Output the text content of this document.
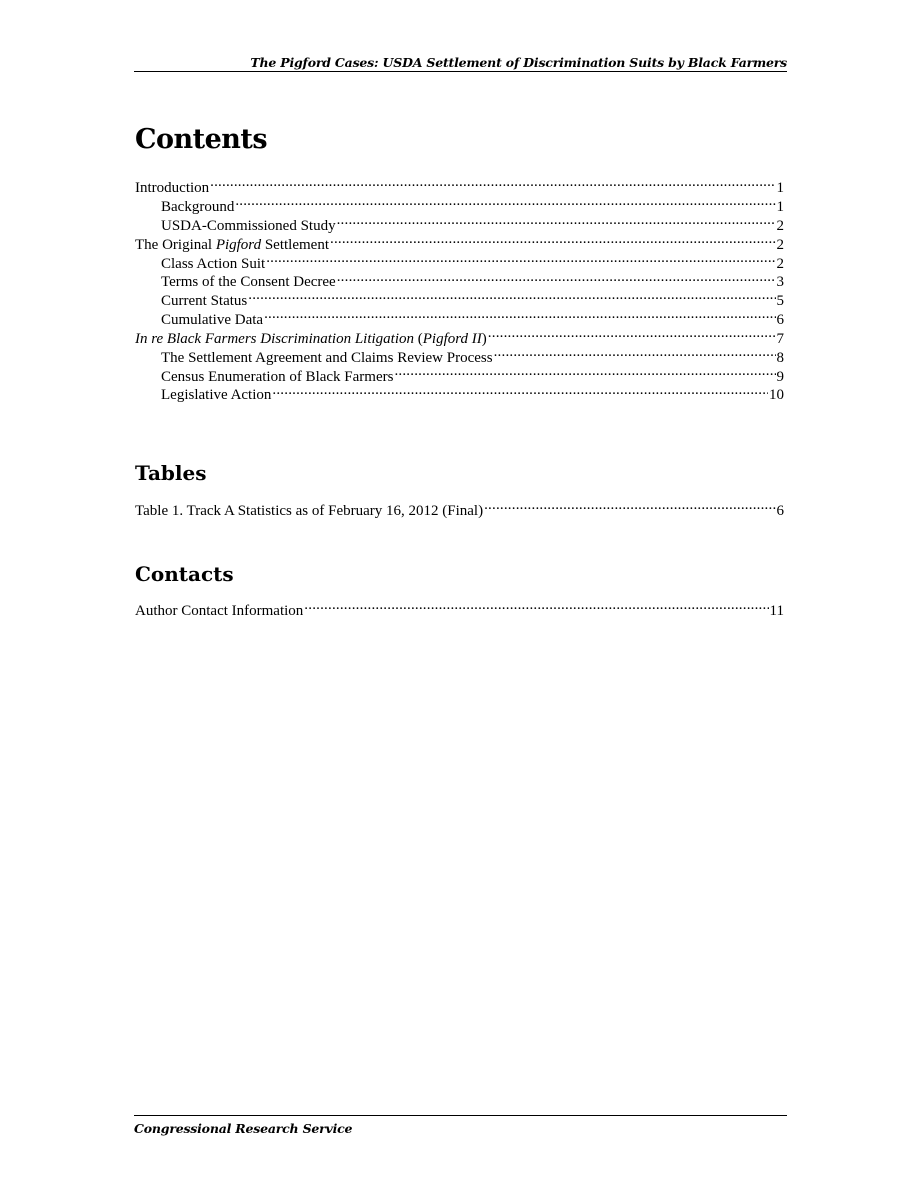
The Pigford Cases: USDA Settlement of Discrimination Suits by Black Farmers
Contents
Introduction .....	1
Background .....	1
USDA-Commissioned Study .....	2
The Original Pigford Settlement .....	2
Class Action Suit .....	2
Terms of the Consent Decree .....	3
Current Status .....	5
Cumulative Data .....	6
In re Black Farmers Discrimination Litigation (Pigford II) .....	7
The Settlement Agreement and Claims Review Process .....	8
Census Enumeration of Black Farmers .....	9
Legislative Action .....	10
Tables
Table 1. Track A Statistics as of February 16, 2012 (Final) .....	6
Contacts
Author Contact Information .....	11
Congressional Research Service
